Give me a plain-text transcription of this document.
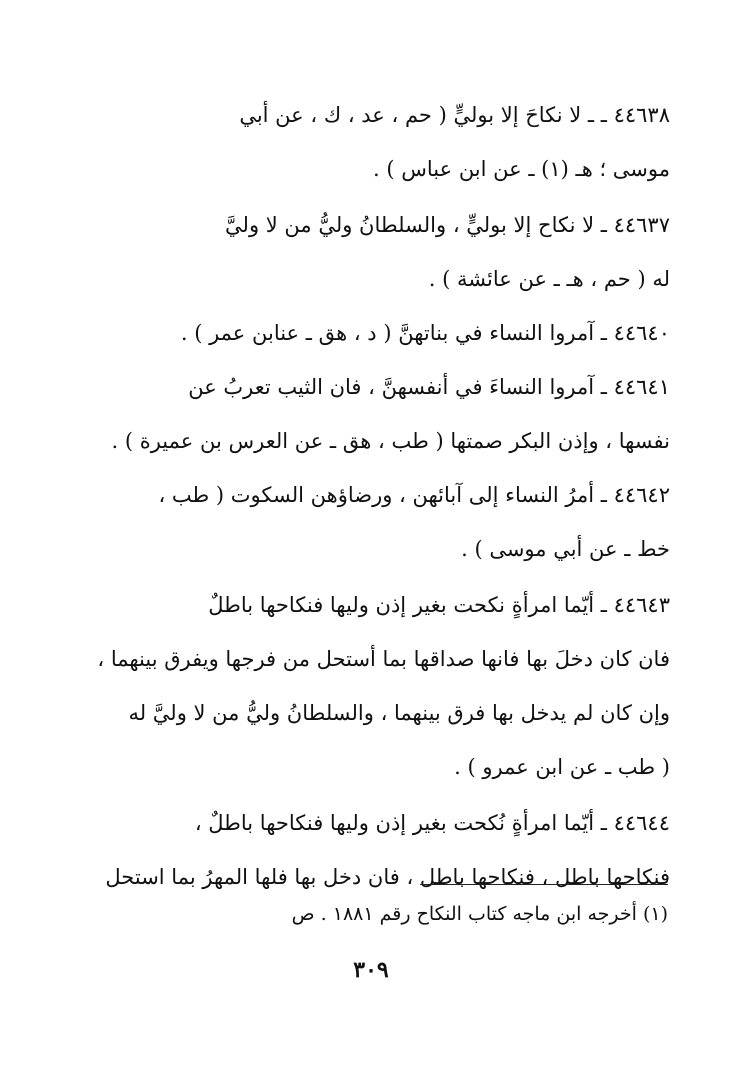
٤٤٦٣٨ ـ ـ لا نكاحَ إلا بوليٍّ ( حم ، عد ، ك ، عن أبي
موسى ؛ هـ (١) ـ عن ابن عباس ) .
٤٤٦٣٧ ـ لا نكاح إلا بوليٍّ ، والسلطانُ وليُّ من لا وليَّ
له ( حم ، هـ ـ عن عائشة ) .
٤٤٦٤٠ ـ آمروا النساء في بناتهنَّ ( د ، هق ـ عنابن عمر ) .
٤٤٦٤١ ـ آمروا النساءَ في أنفسهنَّ ، فان الثيب تعربُ عن
نفسها ، وإذن البكر صمتها ( طب ، هق ـ عن العرس بن عميرة ) .
٤٤٦٤٢ ـ أمرُ النساء إلى آبائهن ، ورضاؤهن السكوت ( طب ،
خط ـ عن أبي موسى ) .
٤٤٦٤٣ ـ أيّما امرأةٍ نكحت بغير إذن وليها فنكاحها باطلٌ
فان كان دخلَ بها فانها صداقها بما أستحل من فرجها ويفرق بينهما ،
وإن كان لم يدخل بها فرق بينهما ، والسلطانُ وليُّ من لا وليَّ له
( طب ـ عن ابن عمرو ) .
٤٤٦٤٤ ـ أيّما امرأةٍ نُكحت بغير إذن وليها فنكاحها باطلٌ ،
فنكاحها باطل ، فنكاحها باطل ، فان دخل بها فلها المهرُ بما استحل
(١) أخرجه ابن ماجه كتاب النكاح رقم ١٨٨١ . ص
٣٠٩
